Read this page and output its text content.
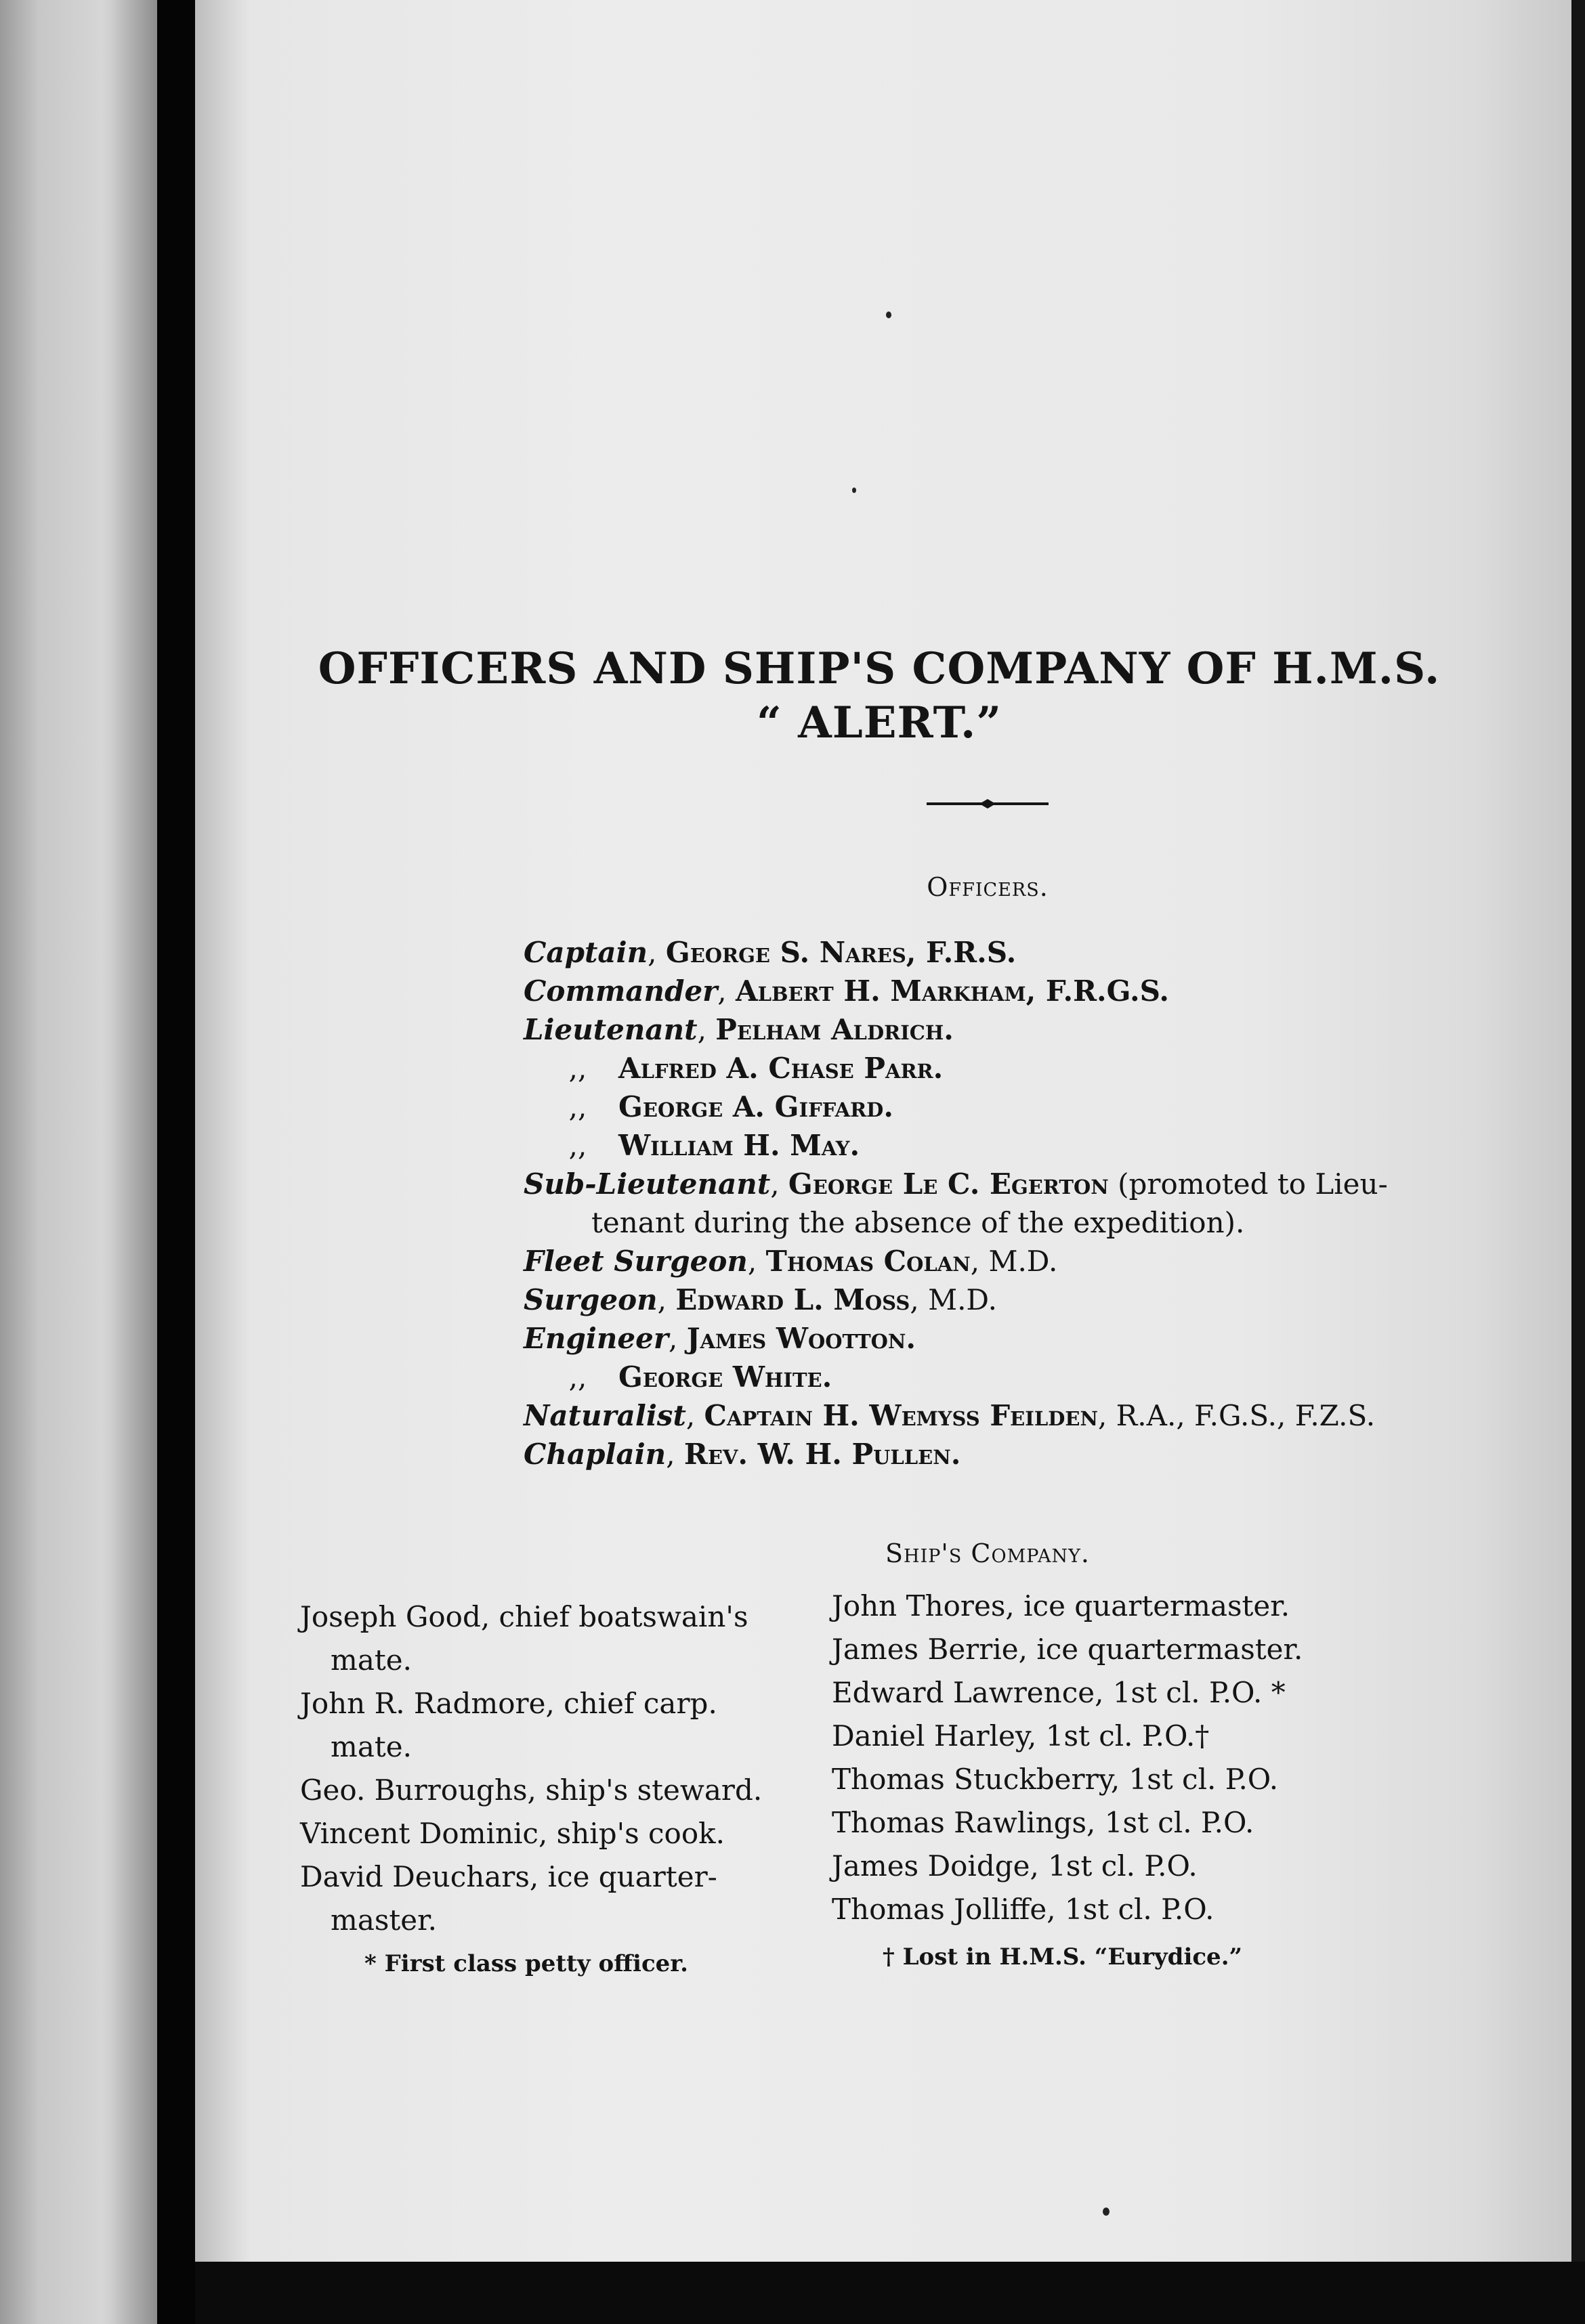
OFFICERS AND SHIP'S COMPANY OF H.M.S.
“ ALERT.”
Officers.
Captain, George S. Nares, F.R.S.
Commander, Albert H. Markham, F.R.G.S.
Lieutenant, Pelham Aldrich.
,, Alfred A. Chase Parr.
,, George A. Giffard.
,, William H. May.
Sub-Lieutenant, George Le C. Egerton (promoted to Lieu-
tenant during the absence of the expedition).
Fleet Surgeon, Thomas Colan, M.D.
Surgeon, Edward L. Moss, M.D.
Engineer, James Wootton.
,, George White.
Naturalist, Captain H. Wemyss Feilden, R.A., F.G.S., F.Z.S.
Chaplain, Rev. W. H. Pullen.
Ship's Company.
Joseph Good, chief boatswain's
mate.
John R. Radmore, chief carp.
mate.
Geo. Burroughs, ship's steward.
Vincent Dominic, ship's cook.
David Deuchars, ice quarter-
master.
John Thores, ice quartermaster.
James Berrie, ice quartermaster.
Edward Lawrence, 1st cl. P.O. *
Daniel Harley, 1st cl. P.O.†
Thomas Stuckberry, 1st cl. P.O.
Thomas Rawlings, 1st cl. P.O.
James Doidge, 1st cl. P.O.
Thomas Jolliffe, 1st cl. P.O.
* First class petty officer.	† Lost in H.M.S. “Eurydice.”
